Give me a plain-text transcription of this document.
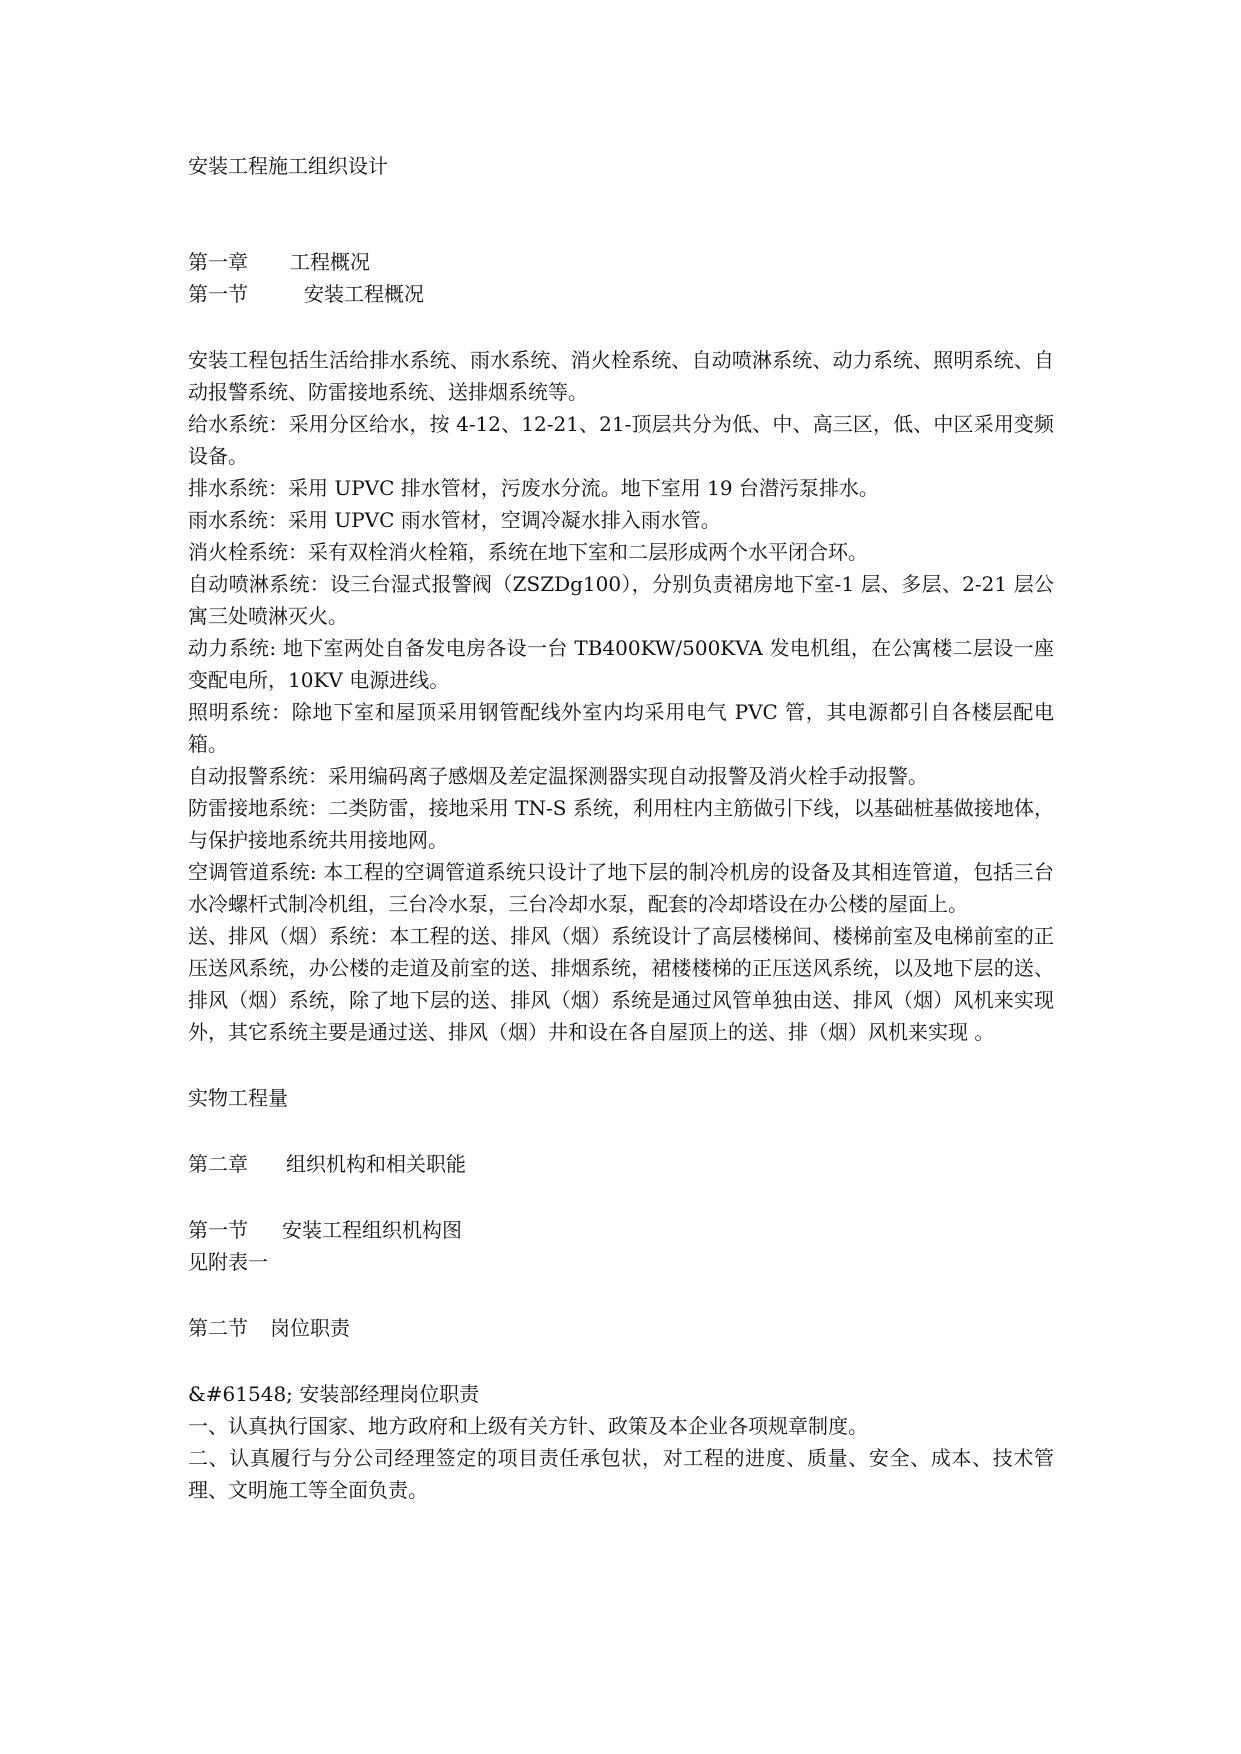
安装工程施工组织设计
第一章 工程概况
第一节	安装工程概况
安装工程包括生活给排水系统、雨水系统、消火栓系统、自动喷淋系统、动力系统、照明系统、自动报警系统、防雷接地系统、送排烟系统等。
给水系统：采用分区给水，按 4-12、12-21、21-顶层共分为低、中、高三区，低、中区采用变频设备。
排水系统：采用 UPVC 排水管材，污废水分流。地下室用 19 台潜污泵排水。
雨水系统：采用 UPVC 雨水管材，空调冷凝水排入雨水管。
消火栓系统：采有双栓消火栓箱，系统在地下室和二层形成两个水平闭合环。
自动喷淋系统：设三台湿式报警阀（ZSZDg100），分别负责裙房地下室-1 层、多层、2-21 层公寓三处喷淋灭火。
动力系统: 地下室两处自备发电房各设一台 TB400KW/500KVA 发电机组，在公寓楼二层设一座变配电所，10KV 电源进线。
照明系统：除地下室和屋顶采用钢管配线外室内均采用电气 PVC 管，其电源都引自各楼层配电箱。
自动报警系统：采用编码离子感烟及差定温探测器实现自动报警及消火栓手动报警。
防雷接地系统：二类防雷，接地采用 TN-S 系统，利用柱内主筋做引下线，以基础桩基做接地体，与保护接地系统共用接地网。
空调管道系统: 本工程的空调管道系统只设计了地下层的制冷机房的设备及其相连管道，包括三台水冷螺杆式制冷机组，三台冷水泵，三台冷却水泵，配套的冷却塔设在办公楼的屋面上。
送、排风（烟）系统：本工程的送、排风（烟）系统设计了高层楼梯间、楼梯前室及电梯前室的正压送风系统，办公楼的走道及前室的送、排烟系统，裙楼楼梯的正压送风系统，以及地下层的送、排风（烟）系统，除了地下层的送、排风（烟）系统是通过风管单独由送、排风（烟）风机来实现外，其它系统主要是通过送、排风（烟）井和设在各自屋顶上的送、排（烟）风机来实现 。
实物工程量
第二章 组织机构和相关职能
第一节 安装工程组织机构图
见附表一
第二节 岗位职责
&#61548; 安装部经理岗位职责
一、认真执行国家、地方政府和上级有关方针、政策及本企业各项规章制度。
二、认真履行与分公司经理签定的项目责任承包状，对工程的进度、质量、安全、成本、技术管理、文明施工等全面负责。
